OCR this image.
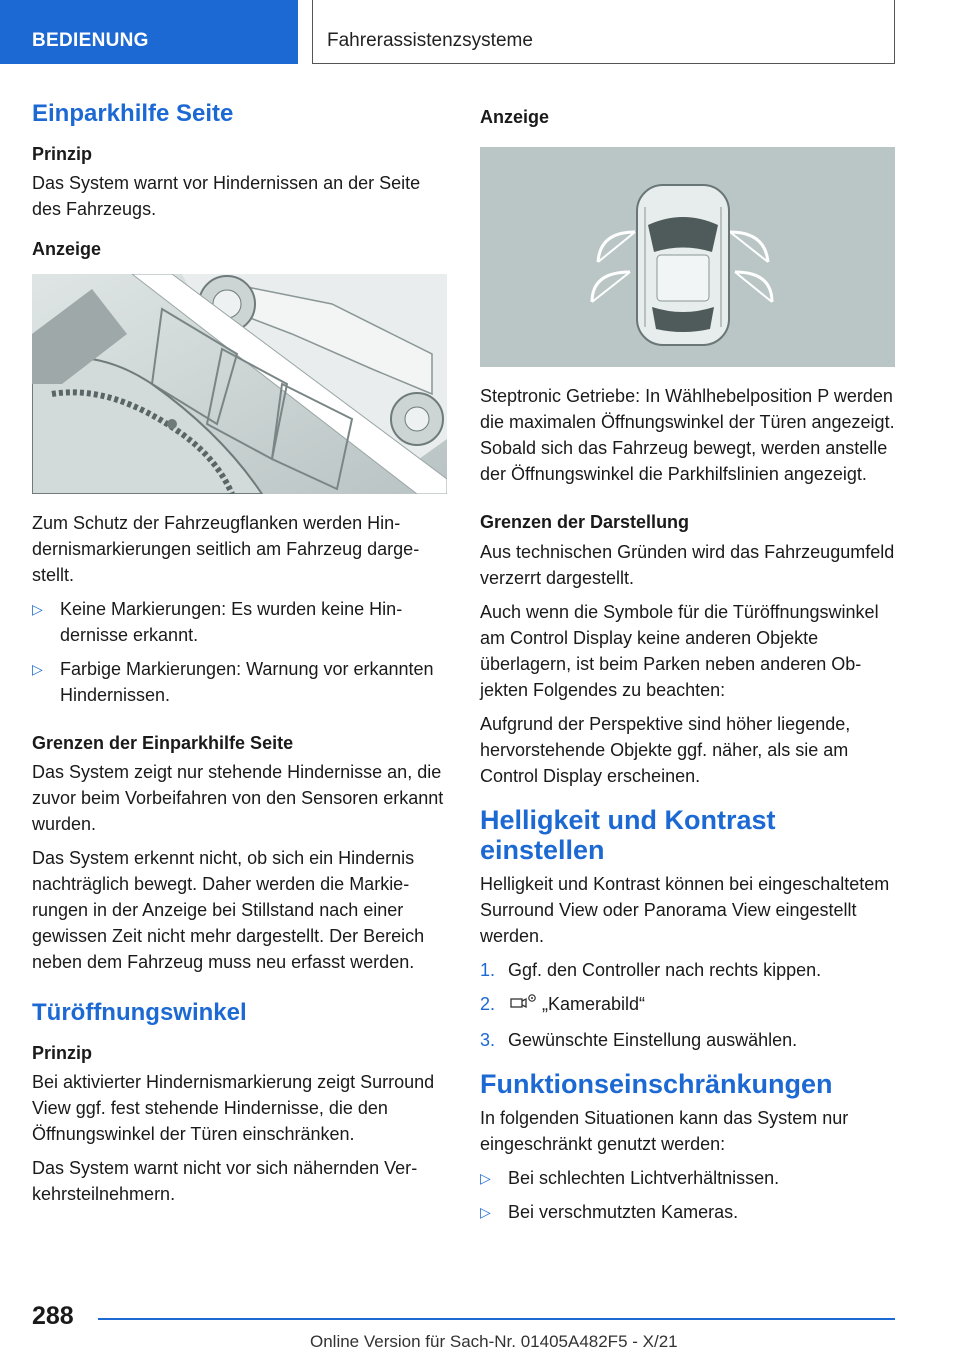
BEDIENUNG	Fahrerassistenzsysteme
Einparkhilfe Seite
Prinzip

Das System warnt vor Hindernissen an der Seite des Fahrzeugs.

Anzeige

Zum Schutz der Fahrzeugflanken werden Hindernismarkierungen seitlich am Fahrzeug dargestellt.

▷ Keine Markierungen: Es wurden keine Hindernisse erkannt.
▷ Farbige Markierungen: Warnung vor erkannten Hindernissen.
Grenzen der Einparkhilfe Seite

Das System zeigt nur stehende Hindernisse an, die zuvor beim Vorbeifahren von den Sensoren erkannt wurden.

Das System erkennt nicht, ob sich ein Hindernis nachträglich bewegt. Daher werden die Markierungen in der Anzeige bei Stillstand nach einer gewissen Zeit nicht mehr dargestellt. Der Bereich neben dem Fahrzeug muss neu erfasst werden.

Türöffnungswinkel
Prinzip

Bei aktivierter Hindernismarkierung zeigt Surround View ggf. fest stehende Hindernisse, die den Öffnungswinkel der Türen einschränken.

Das System warnt nicht vor sich nähernden Verkehrsteilnehmern.

Anzeige

Steptronic Getriebe: In Wählhebelposition P werden die maximalen Öffnungswinkel der Türen angezeigt. Sobald sich das Fahrzeug bewegt, werden anstelle der Öffnungswinkel die Parkhilfslinien angezeigt.

Grenzen der Darstellung

Aus technischen Gründen wird das Fahrzeugumfeld verzerrt dargestellt.

Auch wenn die Symbole für die Türöffnungswinkel am Control Display keine anderen Objekte überlagern, ist beim Parken neben anderen Objekten Folgendes zu beachten:

Aufgrund der Perspektive sind höher liegende, hervorstehende Objekte ggf. näher, als sie am Control Display erscheinen.

Helligkeit und Kontrast einstellen

Helligkeit und Kontrast können bei eingeschaltetem Surround View oder Panorama View eingestellt werden.

1. Ggf. den Controller nach rechts kippen.
2.	„Kamerabild“
3. Gewünschte Einstellung auswählen.
Funktionseinschränkungen

In folgenden Situationen kann das System nur eingeschränkt genutzt werden:

▷ Bei schlechten Lichtverhältnissen.
▷ Bei verschmutzten Kameras.
288
Online Version für Sach-Nr. 01405A482F5 - X/21
